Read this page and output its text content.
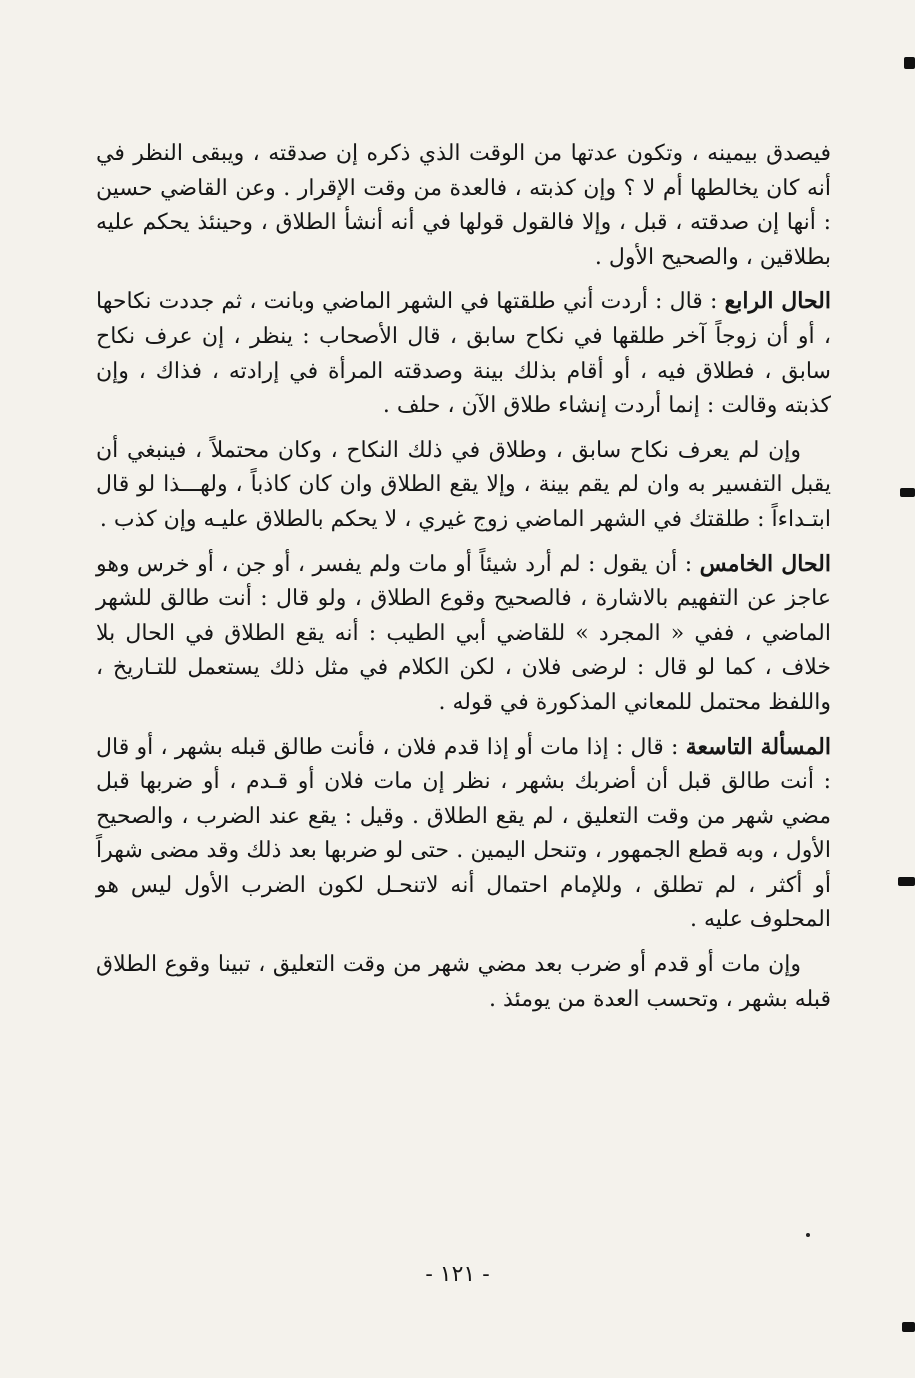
فيصدق بيمينه ، وتكون عدتها من الوقت الذي ذكره إن صدقته ، ويبقى النظر في أنه كان يخالطها أم لا ؟ وإن كذبته ، فالعدة من وقت الإقرار . وعن القاضي حسين : أنها إن صدقته ، قبل ، وإلا فالقول قولها في أنه أنشأ الطلاق ، وحينئذ يحكم عليه بطلاقين ، والصحيح الأول .

الحال الرابع : قال : أردت أني طلقتها في الشهر الماضي وبانت ، ثم جددت نكاحها ، أو أن زوجاً آخر طلقها في نكاح سابق ، قال الأصحاب : ينظر ، إن عرف نكاح سابق ، فطلاق فيه ، أو أقام بذلك بينة وصدقته المرأة في إرادته ، فذاك ، وإن كذبته وقالت : إنما أردت إنشاء طلاق الآن ، حلف .

وإن لم يعرف نكاح سابق ، وطلاق في ذلك النكاح ، وكان محتملاً ، فينبغي أن يقبل التفسير به وان لم يقم بينة ، وإلا يقع الطلاق وان كان كاذباً ، ولهـــذا لو قال ابتـداءاً : طلقتك في الشهر الماضي زوج غيري ، لا يحكم بالطلاق عليـه وإن كذب .

الحال الخامس : أن يقول : لم أرد شيئاً أو مات ولم يفسر ، أو جن ، أو خرس وهو عاجز عن التفهيم بالاشارة ، فالصحيح وقوع الطلاق ، ولو قال : أنت طالق للشهر الماضي ، ففي « المجرد » للقاضي أبي الطيب : أنه يقع الطلاق في الحال بلا خلاف ، كما لو قال : لرضى فلان ، لكن الكلام في مثل ذلك يستعمل للتـاريخ ، واللفظ محتمل للمعاني المذكورة في قوله .

المسألة التاسعة : قال : إذا مات أو إذا قدم فلان ، فأنت طالق قبله بشهر ، أو قال : أنت طالق قبل أن أضربك بشهر ، نظر إن مات فلان أو قـدم ، أو ضربها قبل مضي شهر من وقت التعليق ، لم يقع الطلاق . وقيل : يقع عند الضرب ، والصحيح الأول ، وبه قطع الجمهور ، وتنحل اليمين . حتى لو ضربها بعد ذلك وقد مضى شهراً أو أكثر ، لم تطلق ، وللإمام احتمال أنه لاتنحـل لكون الضرب الأول ليس هو المحلوف عليه .

وإن مات أو قدم أو ضرب بعد مضي شهر من وقت التعليق ، تبينا وقوع الطلاق قبله بشهر ، وتحسب العدة من يومئذ .

- ١٢١ -
